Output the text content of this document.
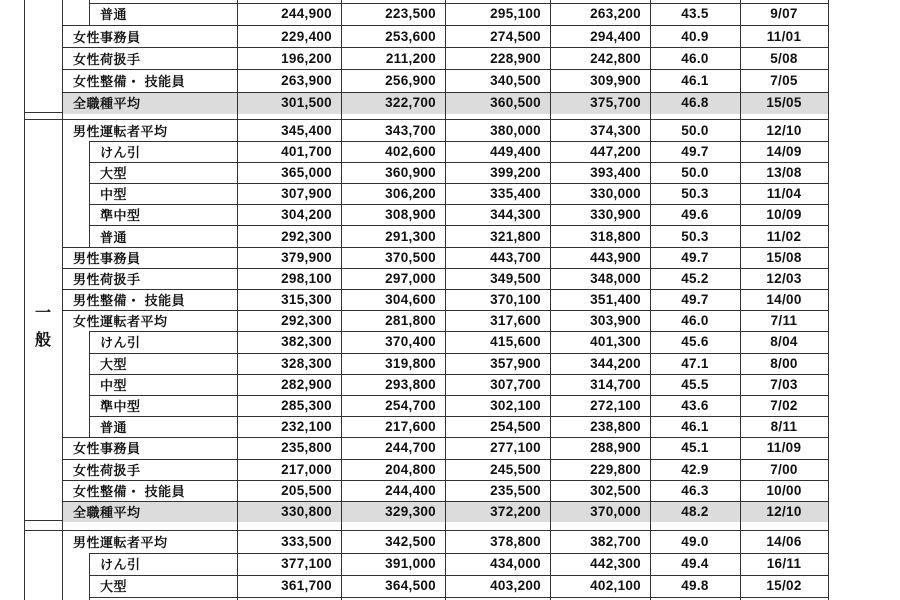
普通	244,900	223,500	295,100	263,200	43.5	9/07
女性事務員	229,400	253,600	274,500	294,400	40.9	11/01
女性荷扱手	196,200	211,200	228,900	242,800	46.0	5/08
女性整備・ 技能員	263,900	256,900	340,500	309,900	46.1	7/05
全職種平均	301,500	322,700	360,500	375,700	46.8	15/05
一
般
男性運転者平均	345,400	343,700	380,000	374,300	50.0	12/10
けん引	401,700	402,600	449,400	447,200	49.7	14/09
大型	365,000	360,900	399,200	393,400	50.0	13/08
中型	307,900	306,200	335,400	330,000	50.3	11/04
準中型	304,200	308,900	344,300	330,900	49.6	10/09
普通	292,300	291,300	321,800	318,800	50.3	11/02
男性事務員	379,900	370,500	443,700	443,900	49.7	15/08
男性荷扱手	298,100	297,000	349,500	348,000	45.2	12/03
男性整備・ 技能員	315,300	304,600	370,100	351,400	49.7	14/00
女性運転者平均	292,300	281,800	317,600	303,900	46.0	7/11
けん引	382,300	370,400	415,600	401,300	45.6	8/04
大型	328,300	319,800	357,900	344,200	47.1	8/00
中型	282,900	293,800	307,700	314,700	45.5	7/03
準中型	285,300	254,700	302,100	272,100	43.6	7/02
普通	232,100	217,600	254,500	238,800	46.1	8/11
女性事務員	235,800	244,700	277,100	288,900	45.1	11/09
女性荷扱手	217,000	204,800	245,500	229,800	42.9	7/00
女性整備・ 技能員	205,500	244,400	235,500	302,500	46.3	10/00
全職種平均	330,800	329,300	372,200	370,000	48.2	12/10
男性運転者平均	333,500	342,500	378,800	382,700	49.0	14/06
けん引	377,100	391,000	434,000	442,300	49.4	16/11
大型	361,700	364,500	403,200	402,100	49.8	15/02
